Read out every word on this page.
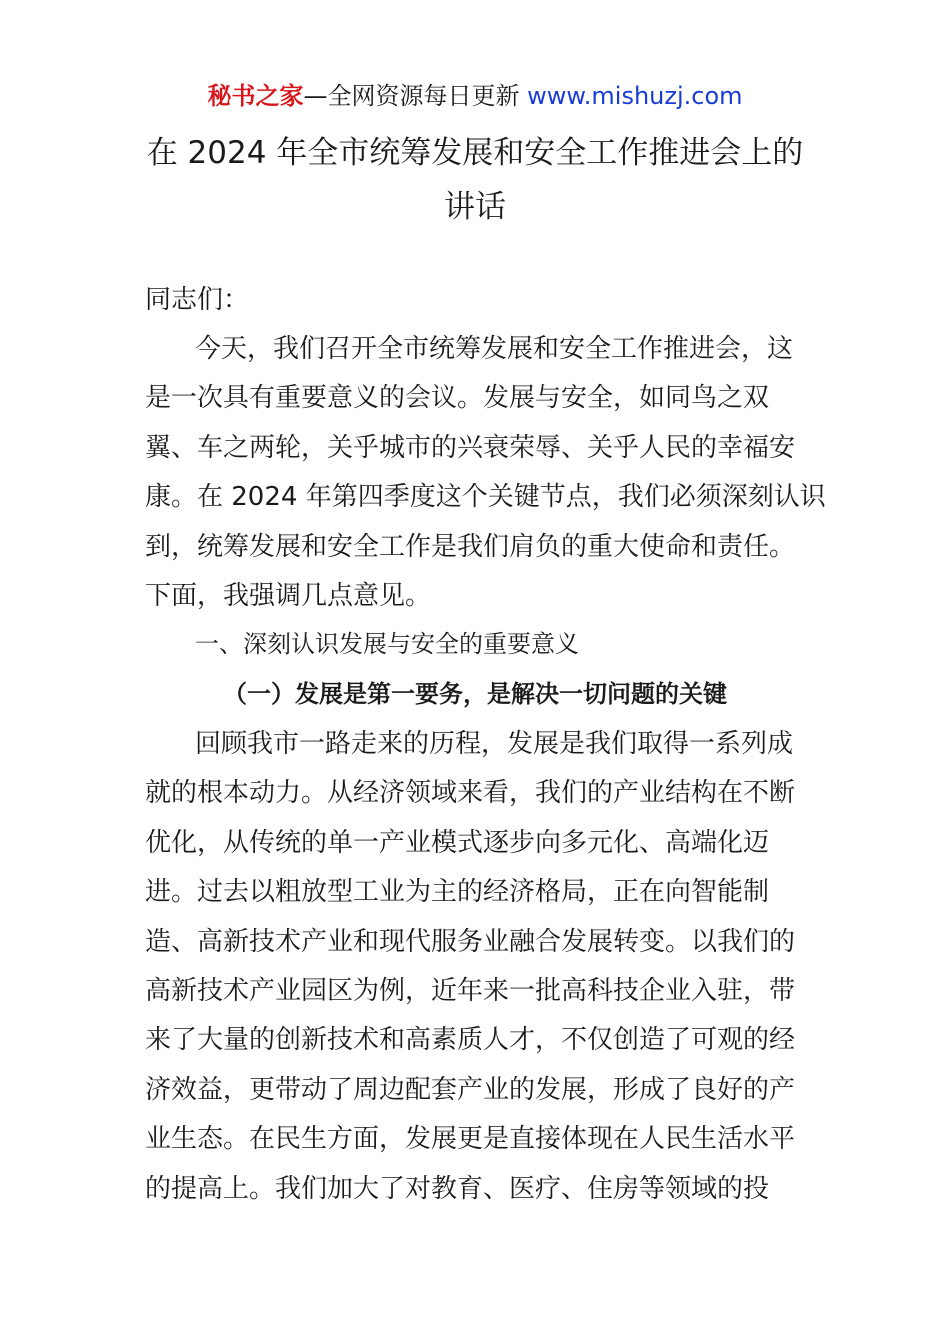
秘书之家—全网资源每日更新 www.mishuzj.com
在 2024 年全市统筹发展和安全工作推进会上的
讲话
同志们：
今天，我们召开全市统筹发展和安全工作推进会，这
是一次具有重要意义的会议。发展与安全，如同鸟之双
翼、车之两轮，关乎城市的兴衰荣辱、关乎人民的幸福安
康。在 2024 年第四季度这个关键节点，我们必须深刻认识
到，统筹发展和安全工作是我们肩负的重大使命和责任。
下面，我强调几点意见。
一、深刻认识发展与安全的重要意义
（一）发展是第一要务，是解决一切问题的关键
回顾我市一路走来的历程，发展是我们取得一系列成
就的根本动力。从经济领域来看，我们的产业结构在不断
优化，从传统的单一产业模式逐步向多元化、高端化迈
进。过去以粗放型工业为主的经济格局，正在向智能制
造、高新技术产业和现代服务业融合发展转变。以我们的
高新技术产业园区为例，近年来一批高科技企业入驻，带
来了大量的创新技术和高素质人才，不仅创造了可观的经
济效益，更带动了周边配套产业的发展，形成了良好的产
业生态。在民生方面，发展更是直接体现在人民生活水平
的提高上。我们加大了对教育、医疗、住房等领域的投
